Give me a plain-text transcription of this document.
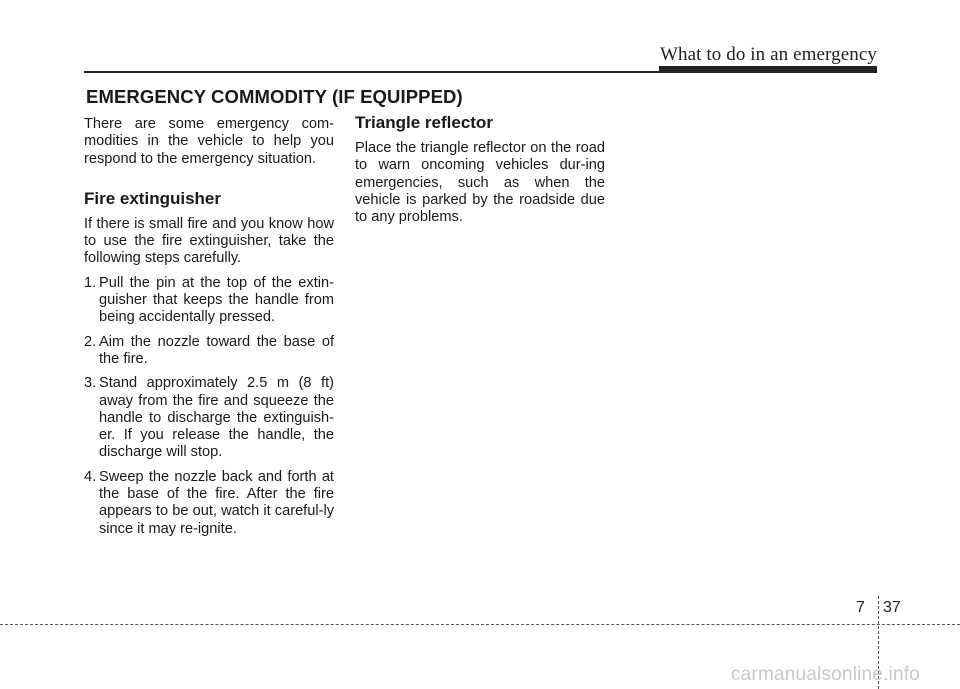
What to do in an emergency
EMERGENCY COMMODITY (IF EQUIPPED)

There are some emergency com-modities in the vehicle to help you respond to the emergency situation.

Fire extinguisher

If there is small fire and you know how to use the fire extinguisher, take the following steps carefully.

1. Pull the pin at the top of the extin-guisher that keeps the handle from being accidentally pressed.
2. Aim the nozzle toward the base of the fire.
3. Stand approximately 2.5 m (8 ft) away from the fire and squeeze the handle to discharge the extinguish-er. If you release the handle, the discharge will stop.
4. Sweep the nozzle back and forth at the base of the fire. After the fire appears to be out, watch it careful-ly since it may re-ignite.
Triangle reflector

Place the triangle reflector on the road to warn oncoming vehicles dur-ing emergencies, such as when the vehicle is parked by the roadside due to any problems.

7 37
carmanualsonline.info
